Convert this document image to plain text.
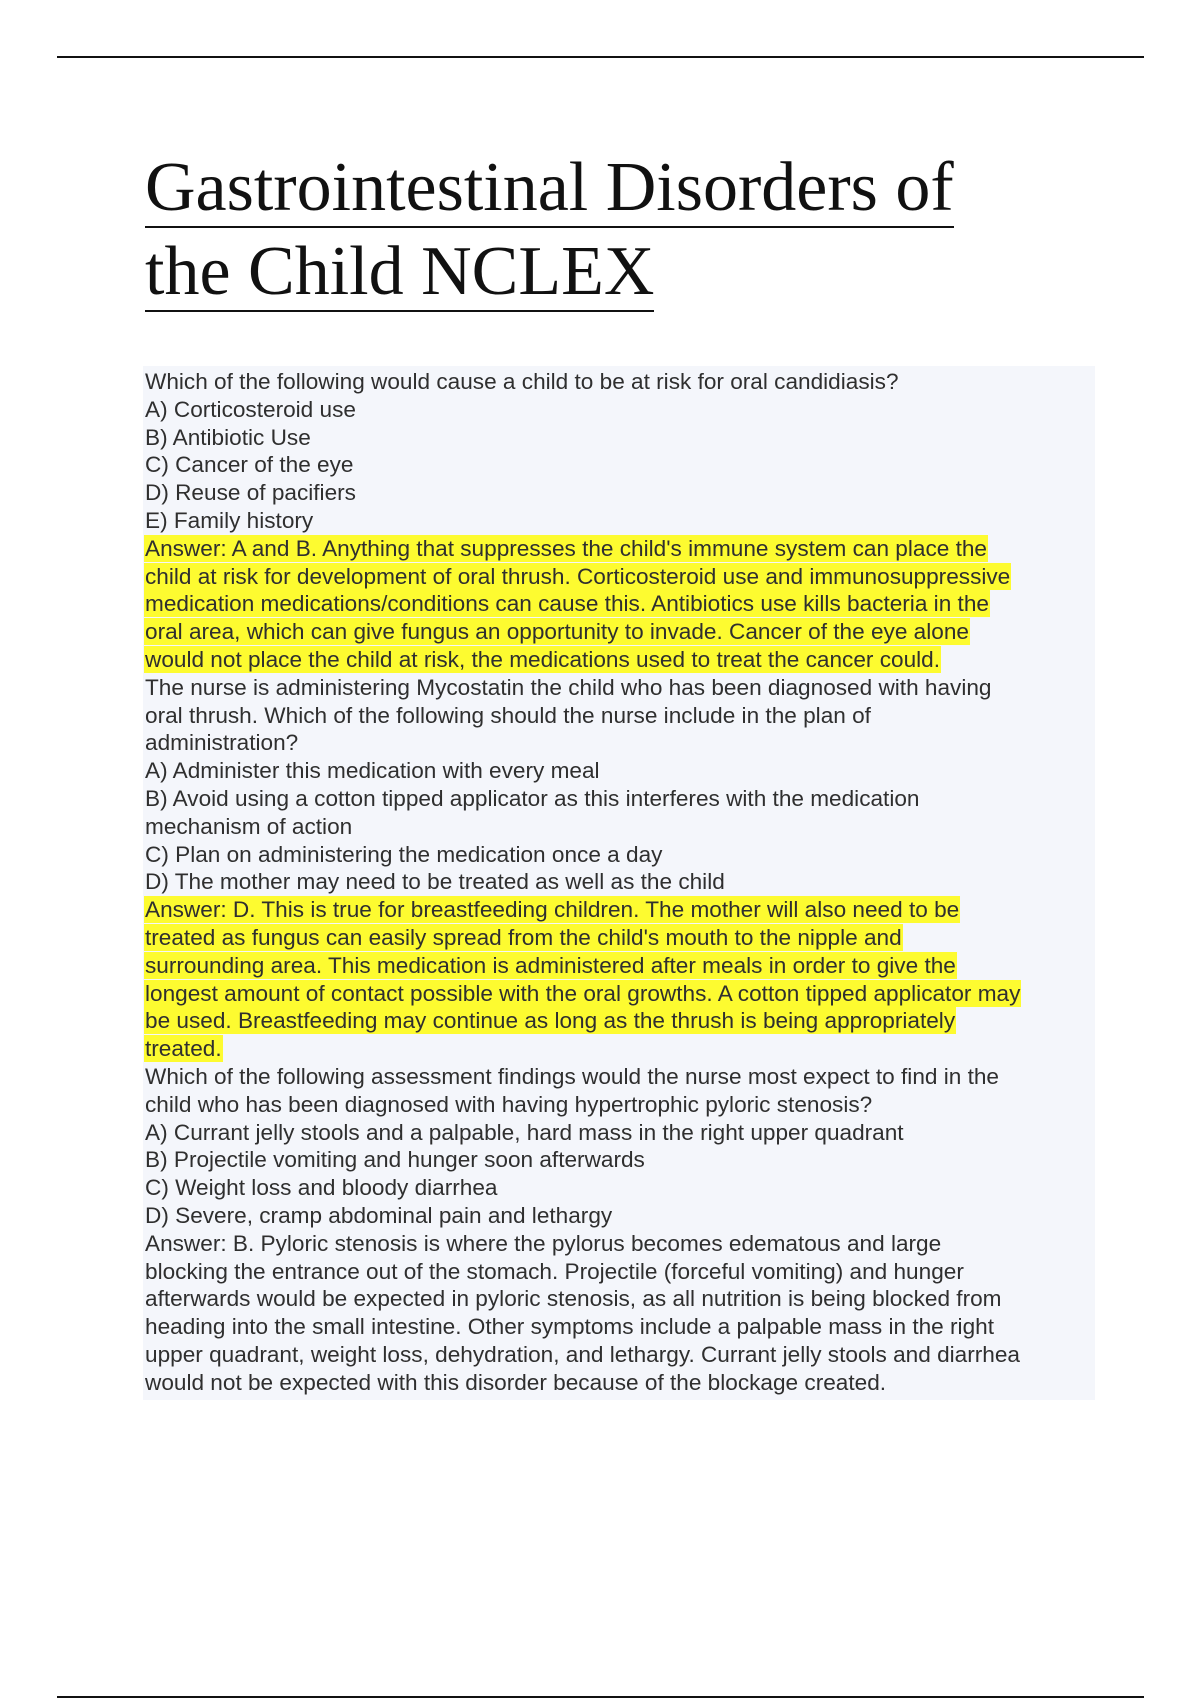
Gastrointestinal Disorders of
the Child NCLEX
Which of the following would cause a child to be at risk for oral candidiasis?
A) Corticosteroid use
B) Antibiotic Use
C) Cancer of the eye
D) Reuse of pacifiers
E) Family history
Answer: A and B. Anything that suppresses the child's immune system can place the
child at risk for development of oral thrush. Corticosteroid use and immunosuppressive
medication medications/conditions can cause this. Antibiotics use kills bacteria in the
oral area, which can give fungus an opportunity to invade. Cancer of the eye alone
would not place the child at risk, the medications used to treat the cancer could.
The nurse is administering Mycostatin the child who has been diagnosed with having
oral thrush. Which of the following should the nurse include in the plan of
administration?
A) Administer this medication with every meal
B) Avoid using a cotton tipped applicator as this interferes with the medication
mechanism of action
C) Plan on administering the medication once a day
D) The mother may need to be treated as well as the child
Answer: D. This is true for breastfeeding children. The mother will also need to be
treated as fungus can easily spread from the child's mouth to the nipple and
surrounding area. This medication is administered after meals in order to give the
longest amount of contact possible with the oral growths. A cotton tipped applicator may
be used. Breastfeeding may continue as long as the thrush is being appropriately
treated.
Which of the following assessment findings would the nurse most expect to find in the
child who has been diagnosed with having hypertrophic pyloric stenosis?
A) Currant jelly stools and a palpable, hard mass in the right upper quadrant
B) Projectile vomiting and hunger soon afterwards
C) Weight loss and bloody diarrhea
D) Severe, cramp abdominal pain and lethargy
Answer: B. Pyloric stenosis is where the pylorus becomes edematous and large
blocking the entrance out of the stomach. Projectile (forceful vomiting) and hunger
afterwards would be expected in pyloric stenosis, as all nutrition is being blocked from
heading into the small intestine. Other symptoms include a palpable mass in the right
upper quadrant, weight loss, dehydration, and lethargy. Currant jelly stools and diarrhea
would not be expected with this disorder because of the blockage created.
